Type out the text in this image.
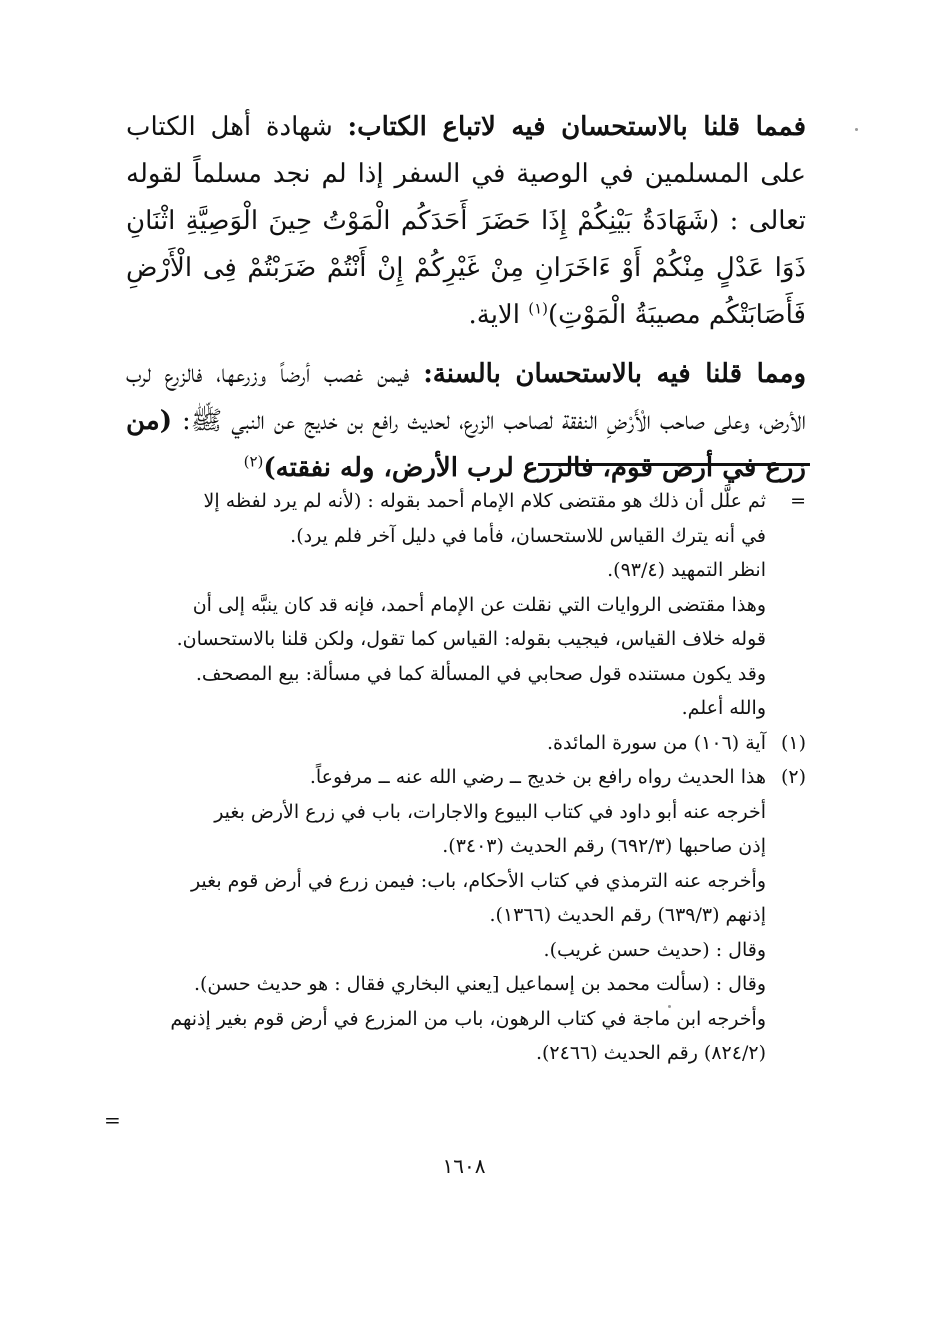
فمما قلنا بالاستحسان فيه لاتباع الكتاب: شهادة أهل الكتاب على المسلمين في الوصية في السفر إذا لم نجد مسلماً لقوله تعالى : (شَهَادَةُ بَيْنِكُمْ إِذَا حَضَرَ أَحَدَكُم الْمَوْتُ حِينَ الْوَصِيَّةِ اثْنَانِ ذَوَا عَدْلٍ مِنْكُمْ أَوْ ءَاخَرَانِ مِنْ غَيْرِكُمْ إِنْ أَنْتُمْ ضَرَبْتُمْ فِى الْأَرْضِ فَأَصَابَتْكُم مصيبَةُ الْمَوْتِ)$^{(١)}$ الاية.

ومما قلنا فيه بالاستحسان بالسنة: فيمن غصب أرضاً وزرعها، فالزرع لرب الأرض، وعلى صاحب الْأَرْضِ النفقة لصاحب الزرع، لحديث رافع بن خديج عن النبي ﷺ: (من زرع في أرض قوم، فالزرع لرب الأرض، وله نفقته)$^{(٢)}$

=
ثم علَّل أن ذلك هو مقتضى كلام الإمام أحمد بقوله : (لأنه لم يرد لفظه إلا
في أنه يترك القياس للاستحسان، فأما في دليل آخر فلم يرد).
انظر التمهيد (٩٣/٤).
وهذا مقتضى الروايات التي نقلت عن الإمام أحمد، فإنه قد كان ينبَّه إلى أن
قوله خلاف القياس، فيجيب بقوله: القياس كما تقول، ولكن قلنا بالاستحسان.
وقد يكون مستنده قول صحابي في المسألة كما في مسألة: بيع المصحف.
والله أعلم.
(١)
آية (١٠٦) من سورة المائدة.
(٢)
هذا الحديث رواه رافع بن خديج ــ رضي الله عنه ــ مرفوعاً.
أخرجه عنه أبو داود في كتاب البيوع والاجارات، باب في زرع الأرض بغير
إذن صاحبها (٦٩٢/٣) رقم الحديث (٣٤٠٣).
وأخرجه عنه الترمذي في كتاب الأحكام، باب: فيمن زرع في أرض قوم بغير
إذنهم (٦٣٩/٣) رقم الحديث (١٣٦٦).
وقال : (حديث حسن غريب).
وقال : (سألت محمد بن إسماعيل [يعني البخاري فقال : هو حديث حسن).
وأخرجه ابن ماجة في كتاب الرهون، باب من المزرع في أرض قوم بغير إذنهم
(٨٢٤/٢) رقم الحديث (٢٤٦٦).
=
١٦٠٨
